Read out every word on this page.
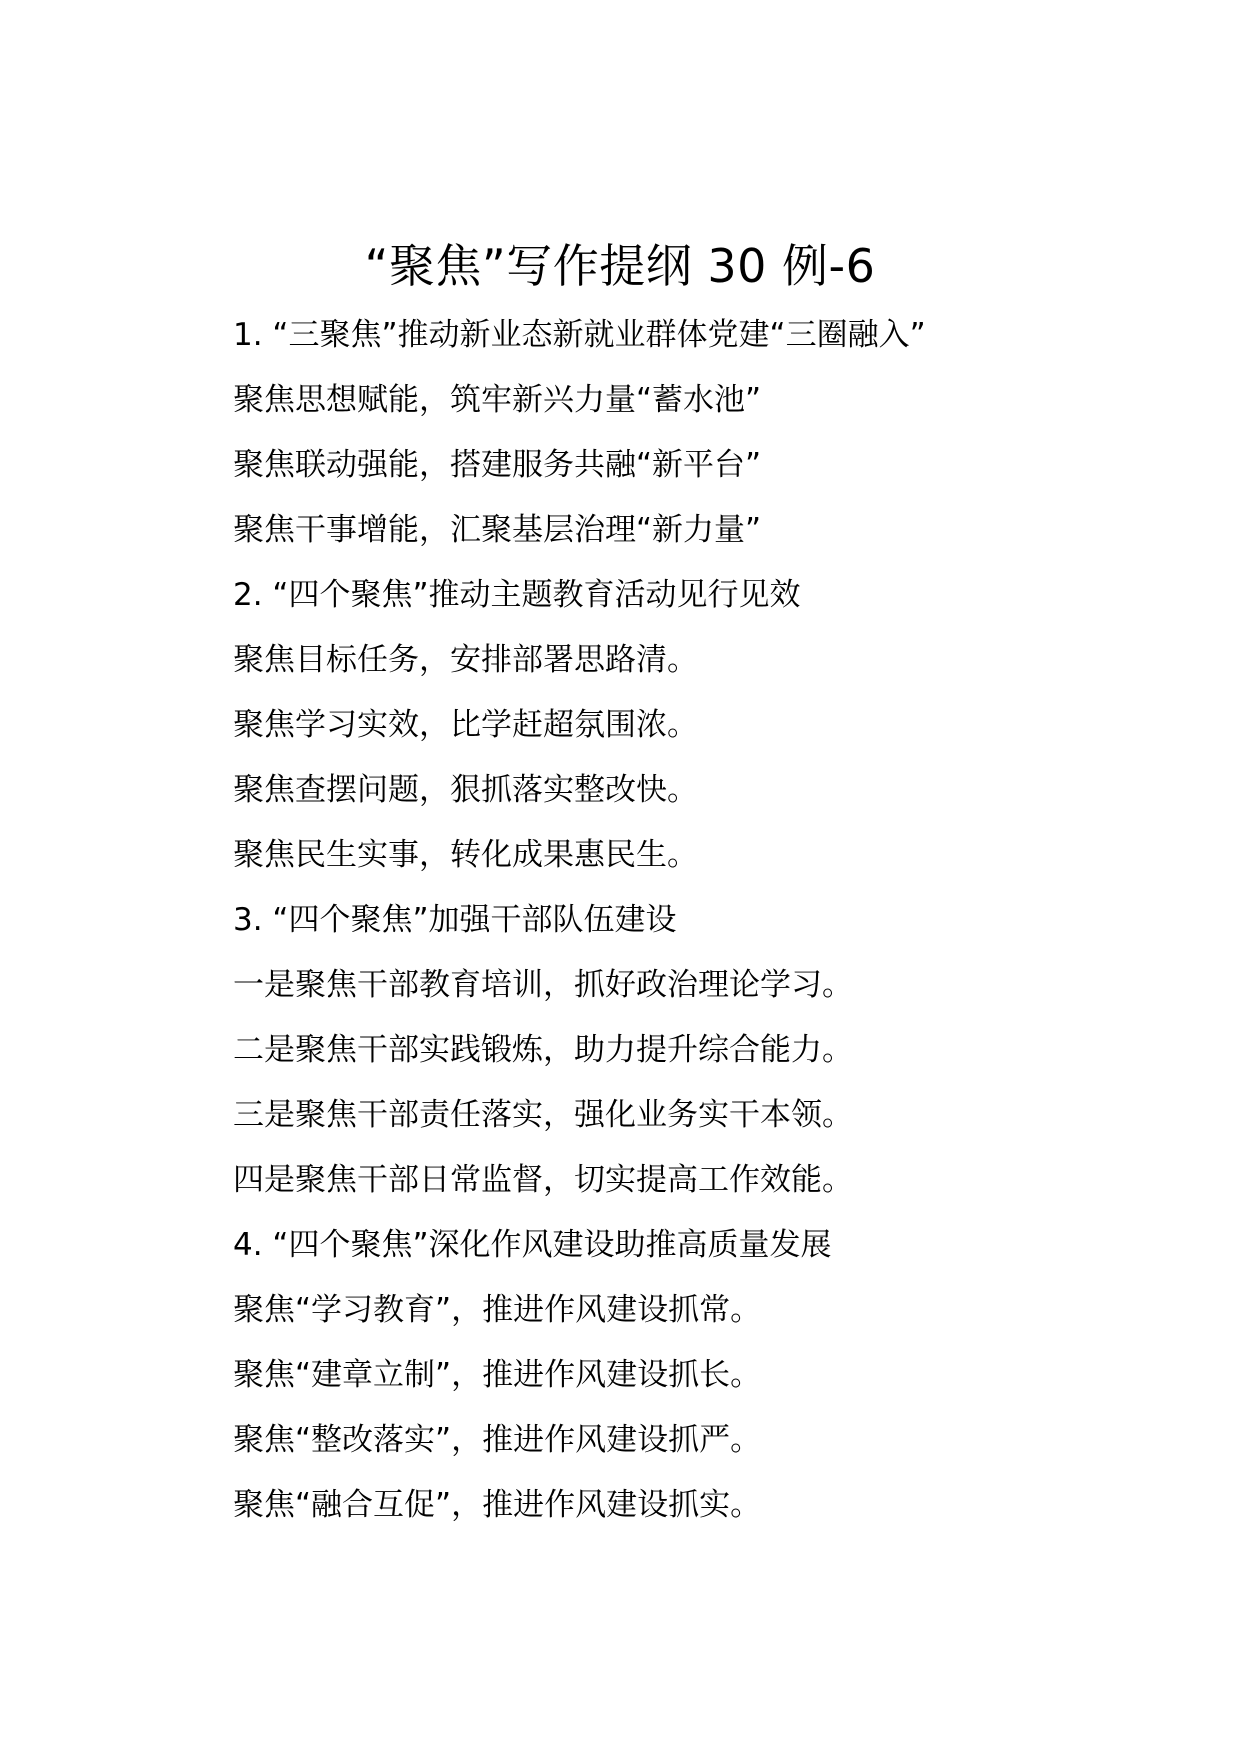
“聚焦”写作提纲 30 例-6
1. “三聚焦”推动新业态新就业群体党建“三圈融入”
聚焦思想赋能，筑牢新兴力量“蓄水池”
聚焦联动强能，搭建服务共融“新平台”
聚焦干事增能，汇聚基层治理“新力量”
2. “四个聚焦”推动主题教育活动见行见效
聚焦目标任务，安排部署思路清。
聚焦学习实效，比学赶超氛围浓。
聚焦查摆问题，狠抓落实整改快。
聚焦民生实事，转化成果惠民生。
3. “四个聚焦”加强干部队伍建设
一是聚焦干部教育培训，抓好政治理论学习。
二是聚焦干部实践锻炼，助力提升综合能力。
三是聚焦干部责任落实，强化业务实干本领。
四是聚焦干部日常监督，切实提高工作效能。
4. “四个聚焦”深化作风建设助推高质量发展
聚焦“学习教育”，推进作风建设抓常。
聚焦“建章立制”，推进作风建设抓长。
聚焦“整改落实”，推进作风建设抓严。
聚焦“融合互促”，推进作风建设抓实。
